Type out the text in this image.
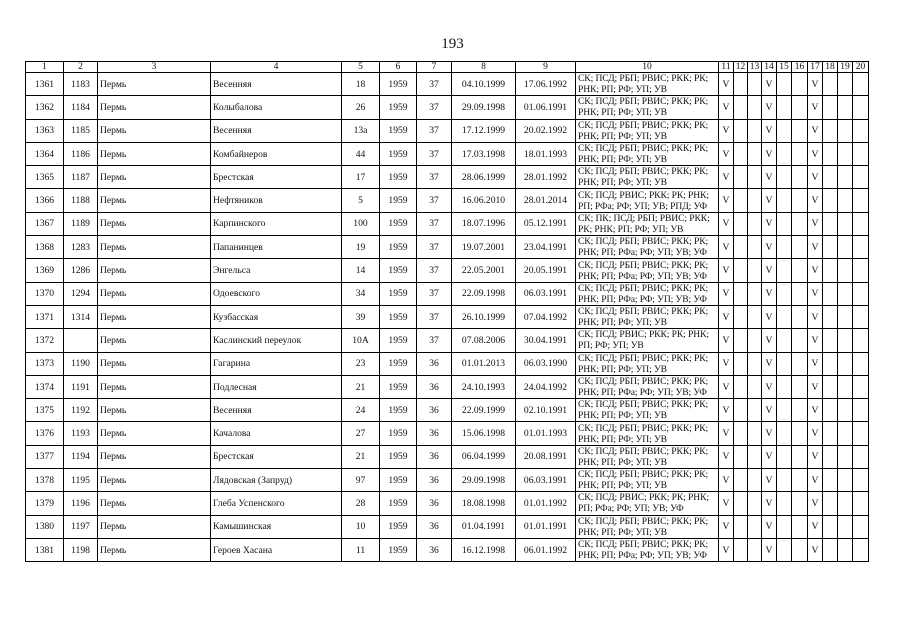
193
1	2	3	4	5	6	7	8	9	10	11	12	13	14	15	16	17	18	19	20
1361	1183	Пермь	Весенняя	18	1959	37	04.10.1999	17.06.1992	СК; ПСД; РБП; РВИС; РКК; РК; РНК; РП; РФ; УП; УВ	V			V			V			
1362	1184	Пермь	Колыбалова	26	1959	37	29.09.1998	01.06.1991	СК; ПСД; РБП; РВИС; РКК; РК; РНК; РП; РФ; УП; УВ	V			V			V			
1363	1185	Пермь	Весенняя	13а	1959	37	17.12.1999	20.02.1992	СК; ПСД; РБП; РВИС; РКК; РК; РНК; РП; РФ; УП; УВ	V			V			V			
1364	1186	Пермь	Комбайнеров	44	1959	37	17.03.1998	18.01.1993	СК; ПСД; РБП; РВИС; РКК; РК; РНК; РП; РФ; УП; УВ	V			V			V			
1365	1187	Пермь	Брестская	17	1959	37	28.06.1999	28.01.1992	СК; ПСД; РБП; РВИС; РКК; РК; РНК; РП; РФ; УП; УВ	V			V			V			
1366	1188	Пермь	Нефтяников	5	1959	37	16.06.2010	28.01.2014	СК; ПСД; РВИС; РКК; РК; РНК; РП; РФа; РФ; УП; УВ; РПД; УФ	V			V			V			
1367	1189	Пермь	Карпинского	100	1959	37	18.07.1996	05.12.1991	СК; ПК; ПСД; РБП; РВИС; РКК; РК; РНК; РП; РФ; УП; УВ	V			V			V			
1368	1283	Пермь	Папанинцев	19	1959	37	19.07.2001	23.04.1991	СК; ПСД; РБП; РВИС; РКК; РК; РНК; РП; РФа; РФ; УП; УВ; УФ	V			V			V			
1369	1286	Пермь	Энгельса	14	1959	37	22.05.2001	20.05.1991	СК; ПСД; РБП; РВИС; РКК; РК; РНК; РП; РФа; РФ; УП; УВ; УФ	V			V			V			
1370	1294	Пермь	Одоевского	34	1959	37	22.09.1998	06.03.1991	СК; ПСД; РБП; РВИС; РКК; РК; РНК; РП; РФа; РФ; УП; УВ; УФ	V			V			V			
1371	1314	Пермь	Кузбасская	39	1959	37	26.10.1999	07.04.1992	СК; ПСД; РБП; РВИС; РКК; РК; РНК; РП; РФ; УП; УВ	V			V			V			
1372		Пермь	Каслинский переулок	10А	1959	37	07.08.2006	30.04.1991	СК; ПСД; РВИС; РКК; РК; РНК; РП; РФ; УП; УВ	V			V			V			
1373	1190	Пермь	Гагарина	23	1959	36	01.01.2013	06.03.1990	СК; ПСД; РБП; РВИС; РКК; РК; РНК; РП; РФ; УП; УВ	V			V			V			
1374	1191	Пермь	Подлесная	21	1959	36	24.10.1993	24.04.1992	СК; ПСД; РБП; РВИС; РКК; РК; РНК; РП; РФа; РФ; УП; УВ; УФ	V			V			V			
1375	1192	Пермь	Весенняя	24	1959	36	22.09.1999	02.10.1991	СК; ПСД; РБП; РВИС; РКК; РК; РНК; РП; РФ; УП; УВ	V			V			V			
1376	1193	Пермь	Качалова	27	1959	36	15.06.1998	01.01.1993	СК; ПСД; РБП; РВИС; РКК; РК; РНК; РП; РФ; УП; УВ	V			V			V			
1377	1194	Пермь	Брестская	21	1959	36	06.04.1999	20.08.1991	СК; ПСД; РБП; РВИС; РКК; РК; РНК; РП; РФ; УП; УВ	V			V			V			
1378	1195	Пермь	Лядовская (Запруд)	97	1959	36	29.09.1998	06.03.1991	СК; ПСД; РБП; РВИС; РКК; РК; РНК; РП; РФ; УП; УВ	V			V			V			
1379	1196	Пермь	Глеба Успенского	28	1959	36	18.08.1998	01.01.1992	СК; ПСД; РВИС; РКК; РК; РНК; РП; РФа; РФ; УП; УВ; УФ	V			V			V			
1380	1197	Пермь	Камышинская	10	1959	36	01.04.1991	01.01.1991	СК; ПСД; РБП; РВИС; РКК; РК; РНК; РП; РФ; УП; УВ	V			V			V			
1381	1198	Пермь	Героев Хасана	11	1959	36	16.12.1998	06.01.1992	СК; ПСД; РБП; РВИС; РКК; РК; РНК; РП; РФа; РФ; УП; УВ; УФ	V			V			V			
